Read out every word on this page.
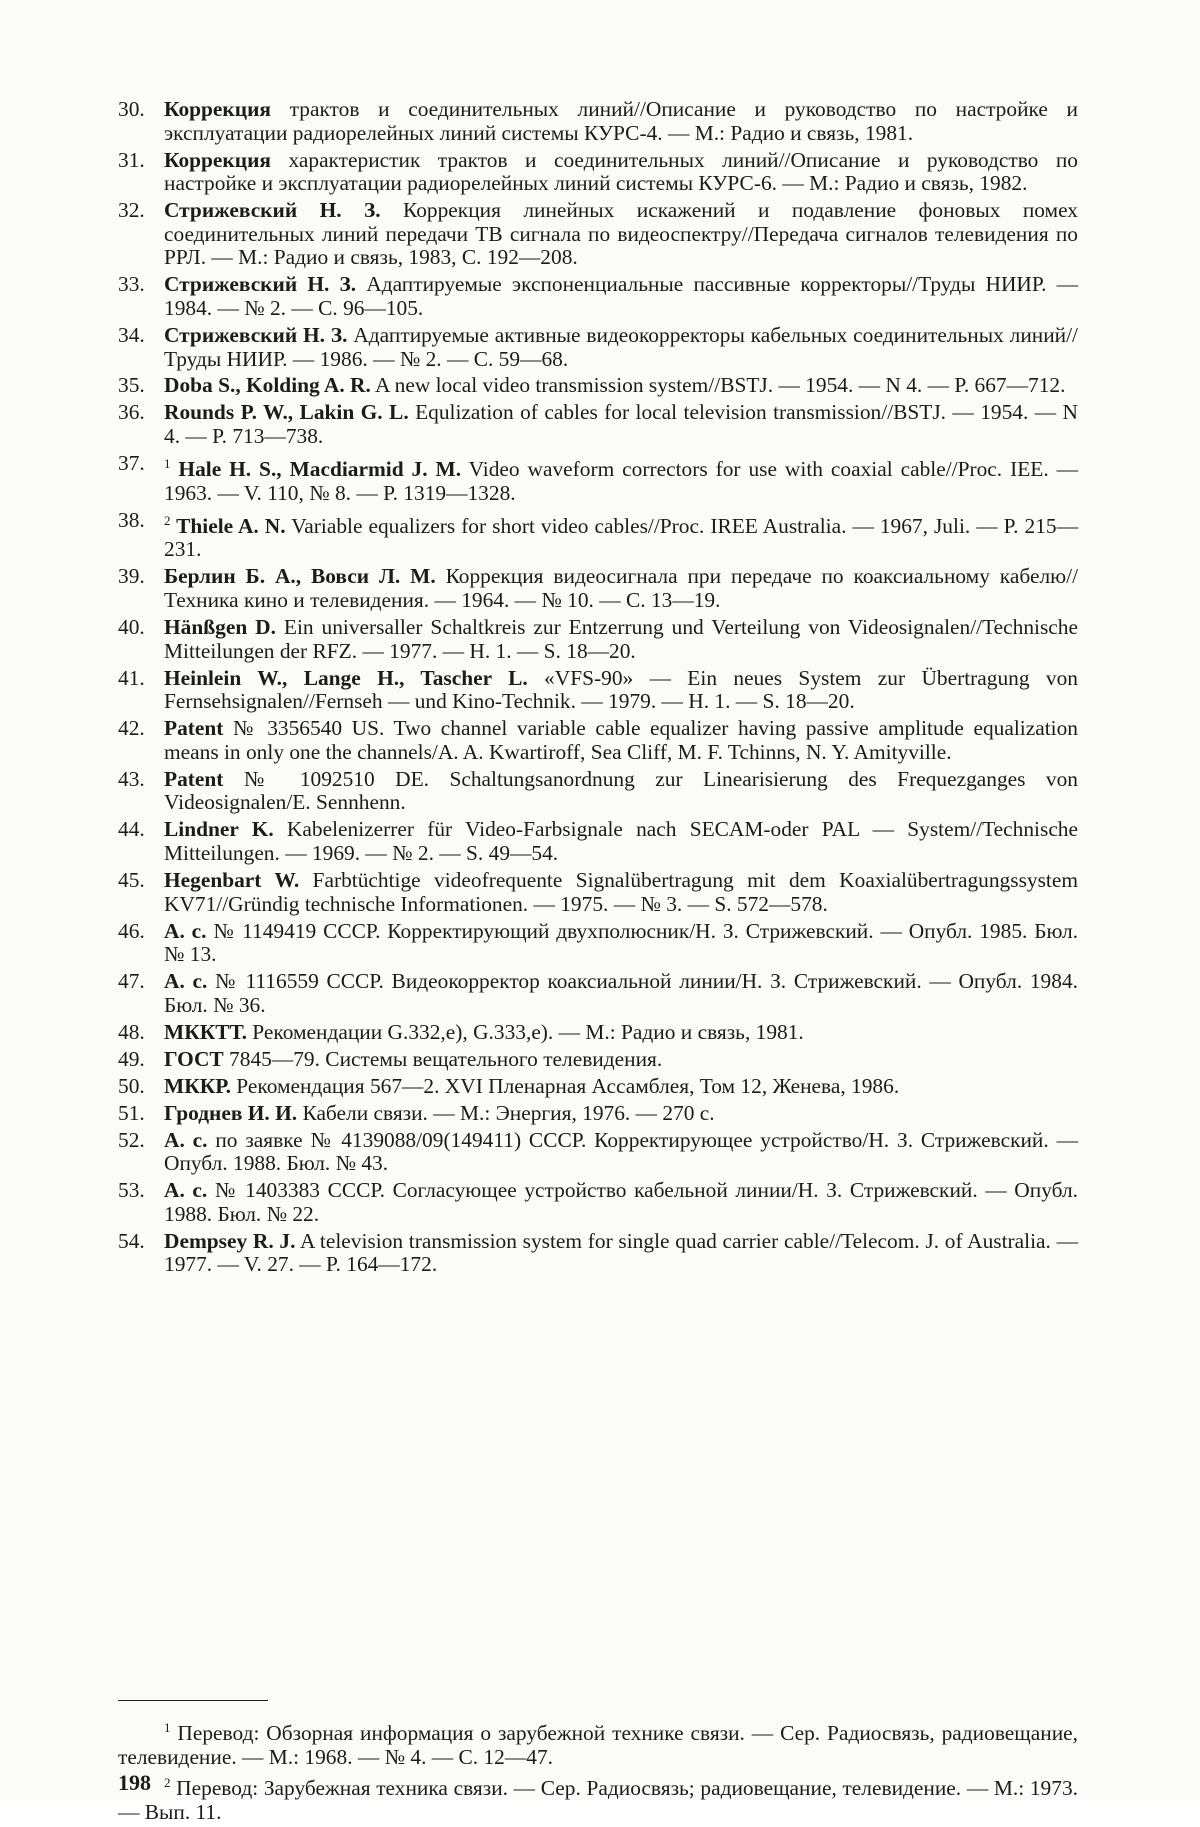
30. Коррекция трактов и соединительных линий//Описание и руководство по настройке и эксплуатации радиорелейных линий системы КУРС-4. — М.: Радио и связь, 1981.
31. Коррекция характеристик трактов и соединительных линий//Описание и руководство по настройке и эксплуатации радиорелейных линий системы КУРС-6. — М.: Радио и связь, 1982.
32. Стрижевский Н. З. Коррекция линейных искажений и подавление фоновых помех соединительных линий передачи ТВ сигнала по видеоспектру//Передача сигналов телевидения по РРЛ. — М.: Радио и связь, 1983, С. 192—208.
33. Стрижевский Н. З. Адаптируемые экспоненциальные пассивные корректоры//Труды НИИР. — 1984. — № 2. — С. 96—105.
34. Стрижевский Н. З. Адаптируемые активные видеокорректоры кабельных соединительных линий//Труды НИИР. — 1986. — № 2. — С. 59—68.
35. Doba S., Kolding A. R. A new local video transmission system//BSTJ. — 1954. — N 4. — P. 667—712.
36. Rounds P. W., Lakin G. L. Equlization of cables for local television transmission//BSTJ. — 1954. — N 4. — P. 713—738.
37.	$^1$ Hale H. S., Macdiarmid J. M. Video waveform correctors for use with coaxial cable//Proc. IEE. — 1963. — V. 110, № 8. — P. 1319—1328.
38.	$^2$ Thiele A. N. Variable equalizers for short video cables//Proc. IREE Australia. — 1967, Juli. — P. 215—231.
39. Берлин Б. А., Вовси Л. М. Коррекция видеосигнала при передаче по коаксиальному кабелю//Техника кино и телевидения. — 1964. — № 10. — С. 13—19.
40. Hänßgen D. Ein universaller Schaltkreis zur Entzerrung und Verteilung von Videosignalen//Technische Mitteilungen der RFZ. — 1977. — H. 1. — S. 18—20.
41. Heinlein W., Lange H., Tascher L. «VFS-90» — Ein neues System zur Übertragung von Fernsehsignalen//Fernseh — und Kino-Technik. — 1979. — H. 1. — S. 18—20.
42. Patent № 3356540 US. Two channel variable cable equalizer having passive amplitude equalization means in only one the channels/A. A. Kwartiroff, Sea Cliff, M. F. Tchinns, N. Y. Amityville.
43. Patent № 1092510 DE. Schaltungsanordnung zur Linearisierung des Frequezganges von Videosignalen/E. Sennhenn.
44. Lindner K. Kabelenizerrer für Video-Farbsignale nach SECAM-oder PAL — System//Technische Mitteilungen. — 1969. — № 2. — S. 49—54.
45. Hegenbart W. Farbtüchtige videofrequente Signalübertragung mit dem Koaxialübertragungssystem KV71//Gründig technische Informationen. — 1975. — № 3. — S. 572—578.
46. А. с. № 1149419 СССР. Корректирующий двухполюсник/Н. З. Стрижевский. — Опубл. 1985. Бюл. № 13.
47. А. с. № 1116559 СССР. Видеокорректор коаксиальной линии/Н. З. Стрижевский. — Опубл. 1984. Бюл. № 36.
48. МККТТ. Рекомендации G.332,e), G.333,e). — М.: Радио и связь, 1981.
49. ГОСТ 7845—79. Системы вещательного телевидения.
50. МККР. Рекомендация 567—2. XVI Пленарная Ассамблея, Том 12, Женева, 1986.
51. Гроднев И. И. Кабели связи. — М.: Энергия, 1976. — 270 с.
52. А. с. по заявке № 4139088/09(149411) СССР. Корректирующее устройство/Н. З. Стрижевский. — Опубл. 1988. Бюл. № 43.
53. А. с. № 1403383 СССР. Согласующее устройство кабельной линии/Н. З. Стрижевский. — Опубл. 1988. Бюл. № 22.
54. Dempsey R. J. A television transmission system for single quad carrier cable//Telecom. J. of Australia. — 1977. — V. 27. — P. 164—172.
$^1$ Перевод: Обзорная информация о зарубежной технике связи. — Сер. Радиосвязь, радиовещание, телевидение. — М.: 1968. — № 4. — С. 12—47.
$^2$ Перевод: Зарубежная техника связи. — Сер. Радиосвязь; радиовещание, телевидение. — М.: 1973. — Вып. 11.
198
